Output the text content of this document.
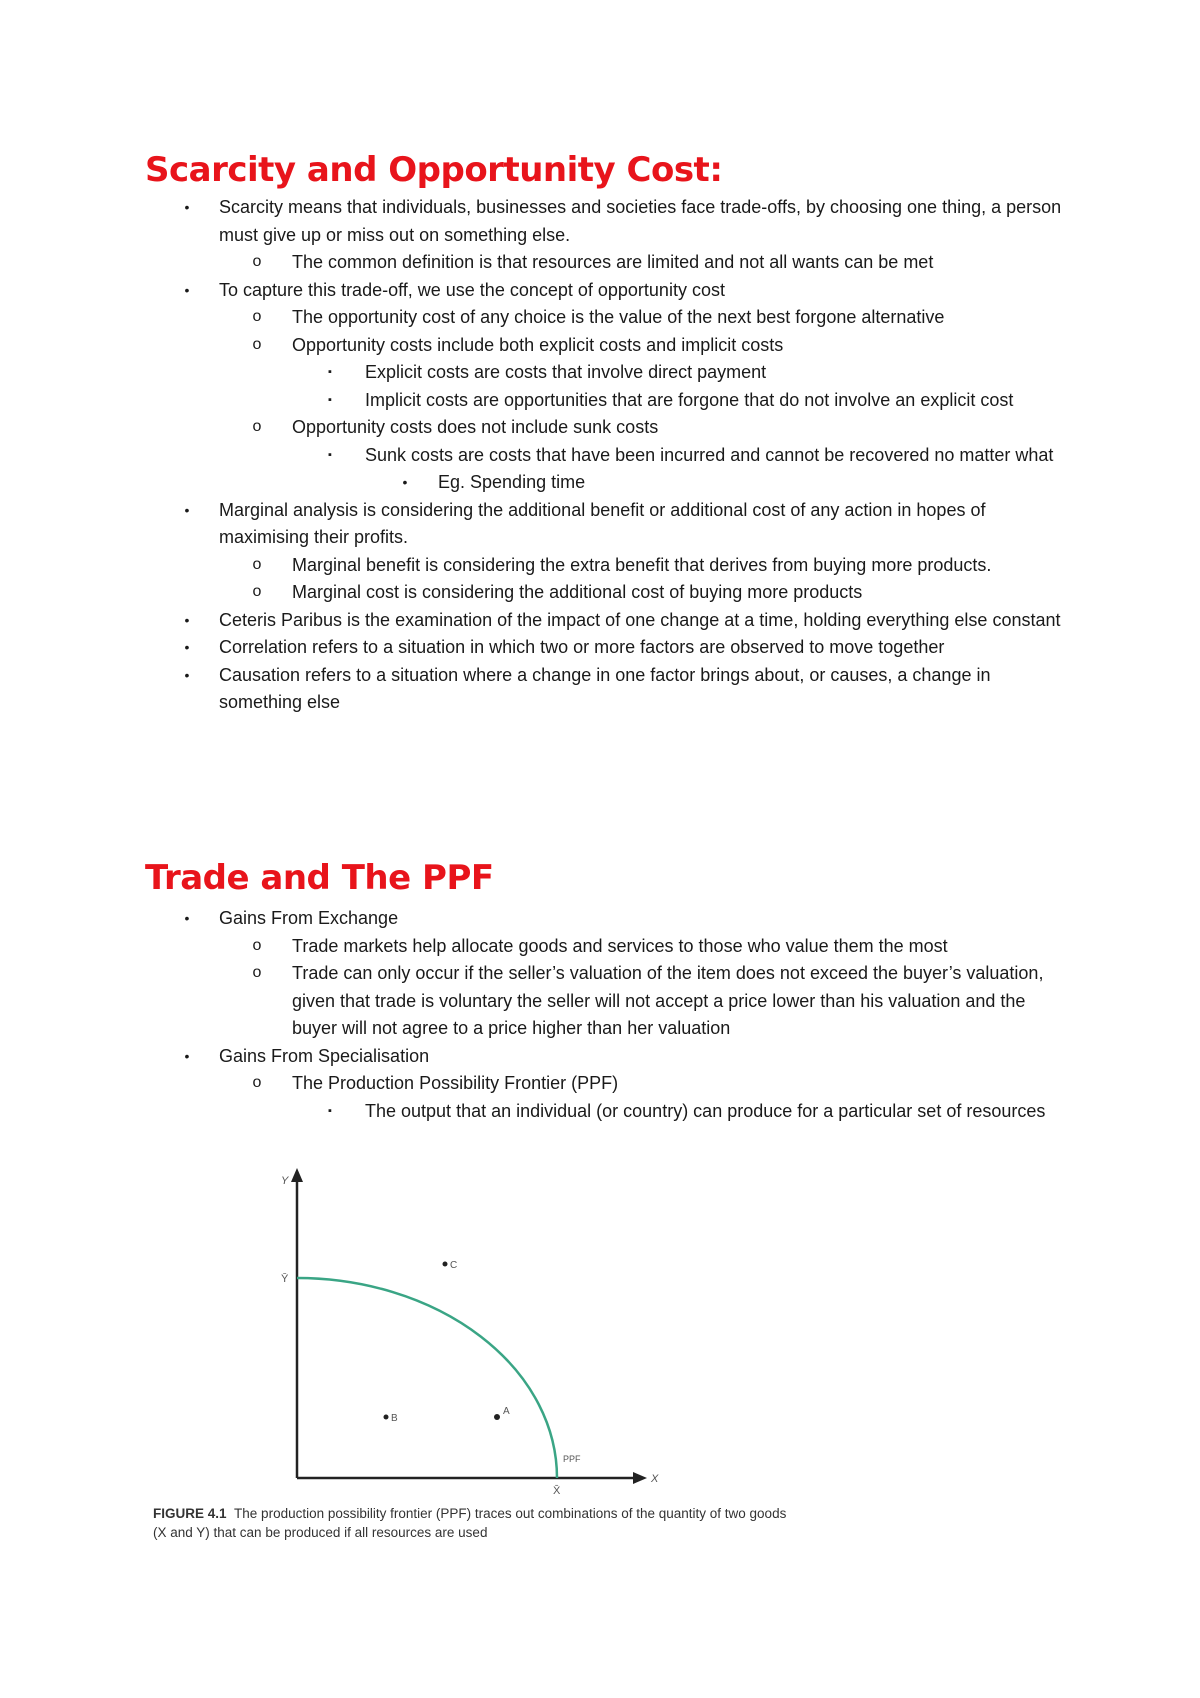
Scarcity and Opportunity Cost:
•	Scarcity means that individuals, businesses and societies face trade-offs, by choosing one thing, a person must give up or miss out on something else.
o	The common definition is that resources are limited and not all wants can be met
•	To capture this trade-off, we use the concept of opportunity cost
o	The opportunity cost of any choice is the value of the next best forgone alternative
o	Opportunity costs include both explicit costs and implicit costs
▪	Explicit costs are costs that involve direct payment
▪	Implicit costs are opportunities that are forgone that do not involve an explicit cost
o	Opportunity costs does not include sunk costs
▪	Sunk costs are costs that have been incurred and cannot be recovered no matter what
•	Eg. Spending time
•	Marginal analysis is considering the additional benefit or additional cost of any action in hopes of maximising their profits.
o	Marginal benefit is considering the extra benefit that derives from buying more products.
o	Marginal cost is considering the additional cost of buying more products
•	Ceteris Paribus is the examination of the impact of one change at a time, holding everything else constant
•	Correlation refers to a situation in which two or more factors are observed to move together
•	Causation refers to a situation where a change in one factor brings about, or causes, a change in something else
Trade and The PPF
•	Gains From Exchange
o	Trade markets help allocate goods and services to those who value them the most
o	Trade can only occur if the seller’s valuation of the item does not exceed the buyer’s valuation, given that trade is voluntary the seller will not accept a price lower than his valuation and the buyer will not agree to a price higher than her valuation
•	Gains From Specialisation
o	The Production Possibility Frontier (PPF)
▪	The output that an individual (or country) can produce for a particular set of resources
Y
X
Ȳ
X̄
PPF
A
B
C
FIGURE 4.1 The production possibility frontier (PPF) traces out combinations of the quantity of two goods
(X and Y) that can be produced if all resources are used
